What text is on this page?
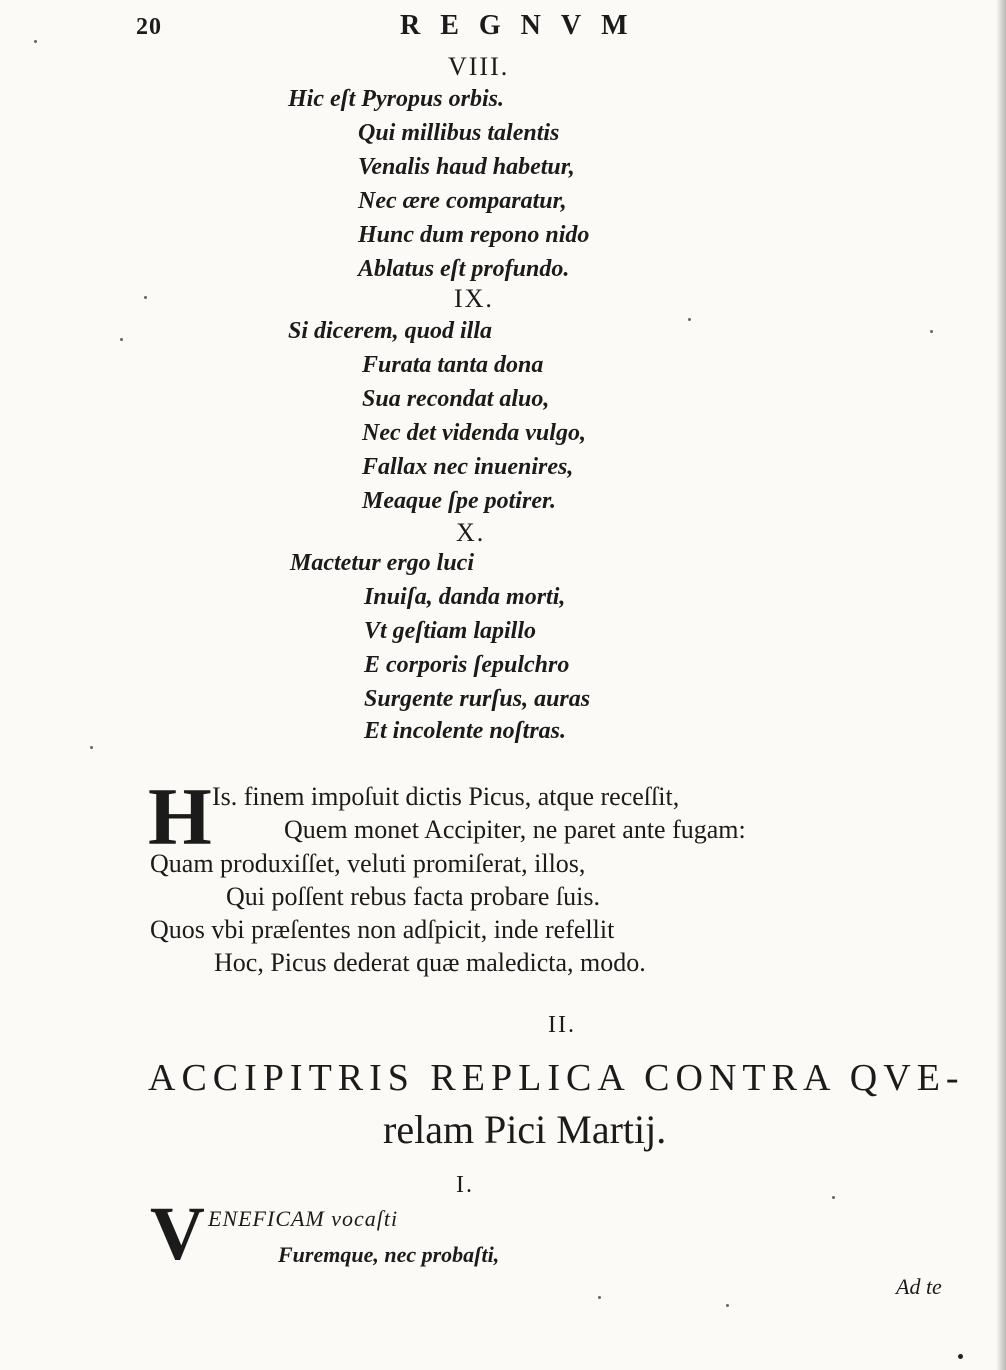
20	REGNVM
VIII.
Hic eſt Pyropus orbis.
Qui millibus talentis
Venalis haud habetur,
Nec ære comparatur,
Hunc dum repono nido
Ablatus eſt profundo.
IX.
Si dicerem, quod illa
Furata tanta dona
Sua recondat aluo,
Nec det videnda vulgo,
Fallax nec inuenires,
Meaque ſpe potirer.
X.
Mactetur ergo luci
Inuiſa, danda morti,
Vt geſtiam lapillo
E corporis ſepulchro
Surgente rurſus, auras
Et incolente noſtras.
H Is. finem impoſuit dictis Picus, atque receſſit,
Quem monet Accipiter, ne paret ante fugam:
Quam produxiſſet, veluti promiſerat, illos,
Qui poſſent rebus facta probare ſuis.
Quos vbi præſentes non adſpicit, inde refellit
Hoc, Picus dederat quæ maledicta, modo.
II.
ACCIPITRIS REPLICA CONTRA QVE-
relam Pici Martij.
I.
V ENEFICAM vocaſti
Furemque, nec probaſti,
Ad te
